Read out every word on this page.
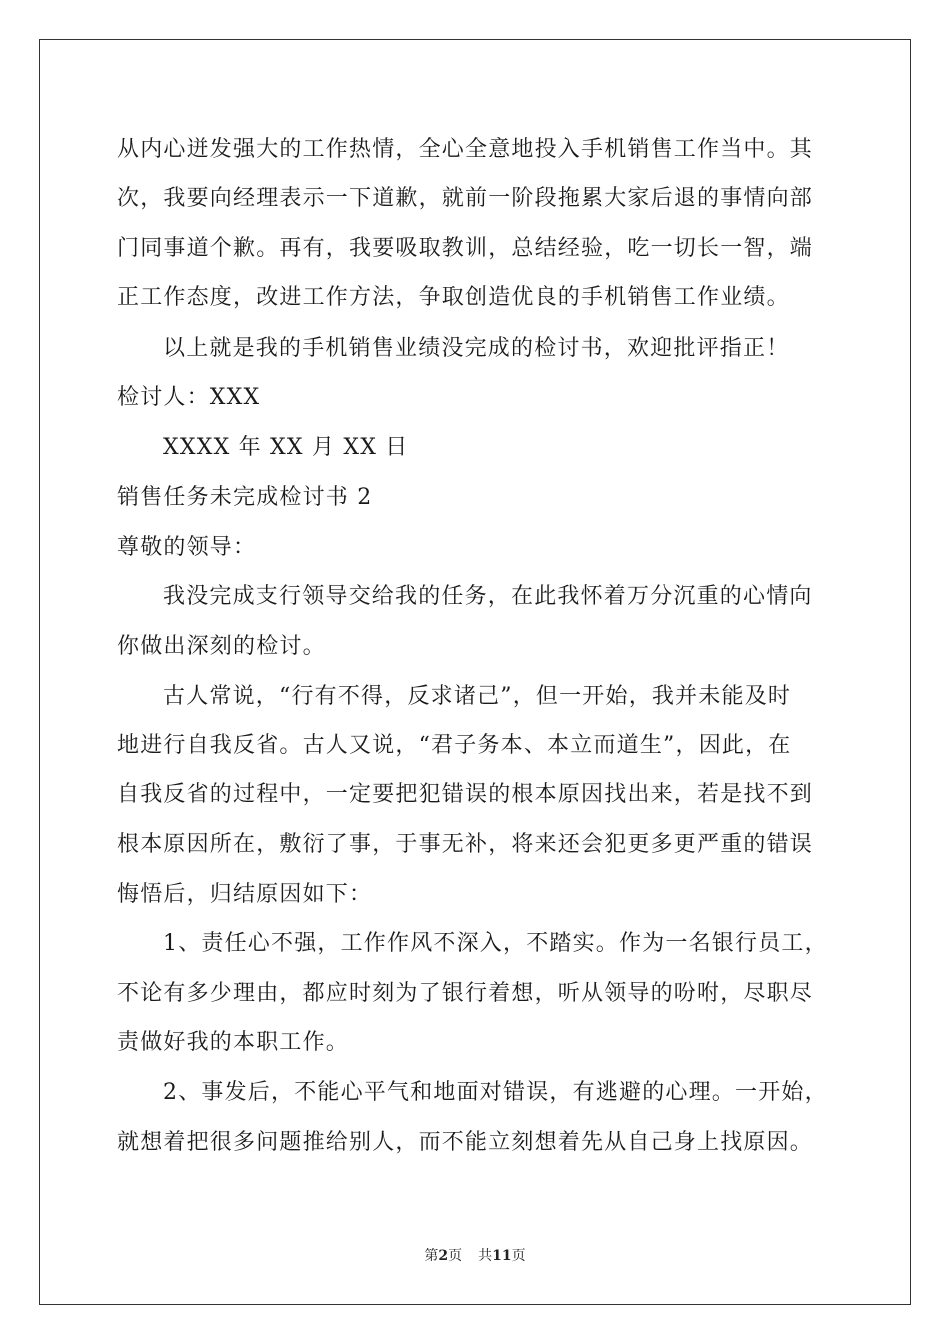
从内心迸发强大的工作热情，全心全意地投入手机销售工作当中。其
次，我要向经理表示一下道歉，就前一阶段拖累大家后退的事情向部
门同事道个歉。再有，我要吸取教训，总结经验，吃一切长一智，端
正工作态度，改进工作方法，争取创造优良的手机销售工作业绩。
以上就是我的手机销售业绩没完成的检讨书，欢迎批评指正！
检讨人：XXX
XXXX 年 XX 月 XX 日
销售任务未完成检讨书 2
尊敬的领导：
我没完成支行领导交给我的任务，在此我怀着万分沉重的心情向
你做出深刻的检讨。
古人常说，“行有不得，反求诸己”，但一开始，我并未能及时
地进行自我反省。古人又说，“君子务本、本立而道生”，因此，在
自我反省的过程中，一定要把犯错误的根本原因找出来，若是找不到
根本原因所在，敷衍了事，于事无补，将来还会犯更多更严重的错误
悔悟后，归结原因如下：
1、责任心不强，工作作风不深入，不踏实。作为一名银行员工，
不论有多少理由，都应时刻为了银行着想，听从领导的吩咐，尽职尽
责做好我的本职工作。
2、事发后，不能心平气和地面对错误，有逃避的心理。一开始，
就想着把很多问题推给别人，而不能立刻想着先从自己身上找原因。
第2页 共11页
